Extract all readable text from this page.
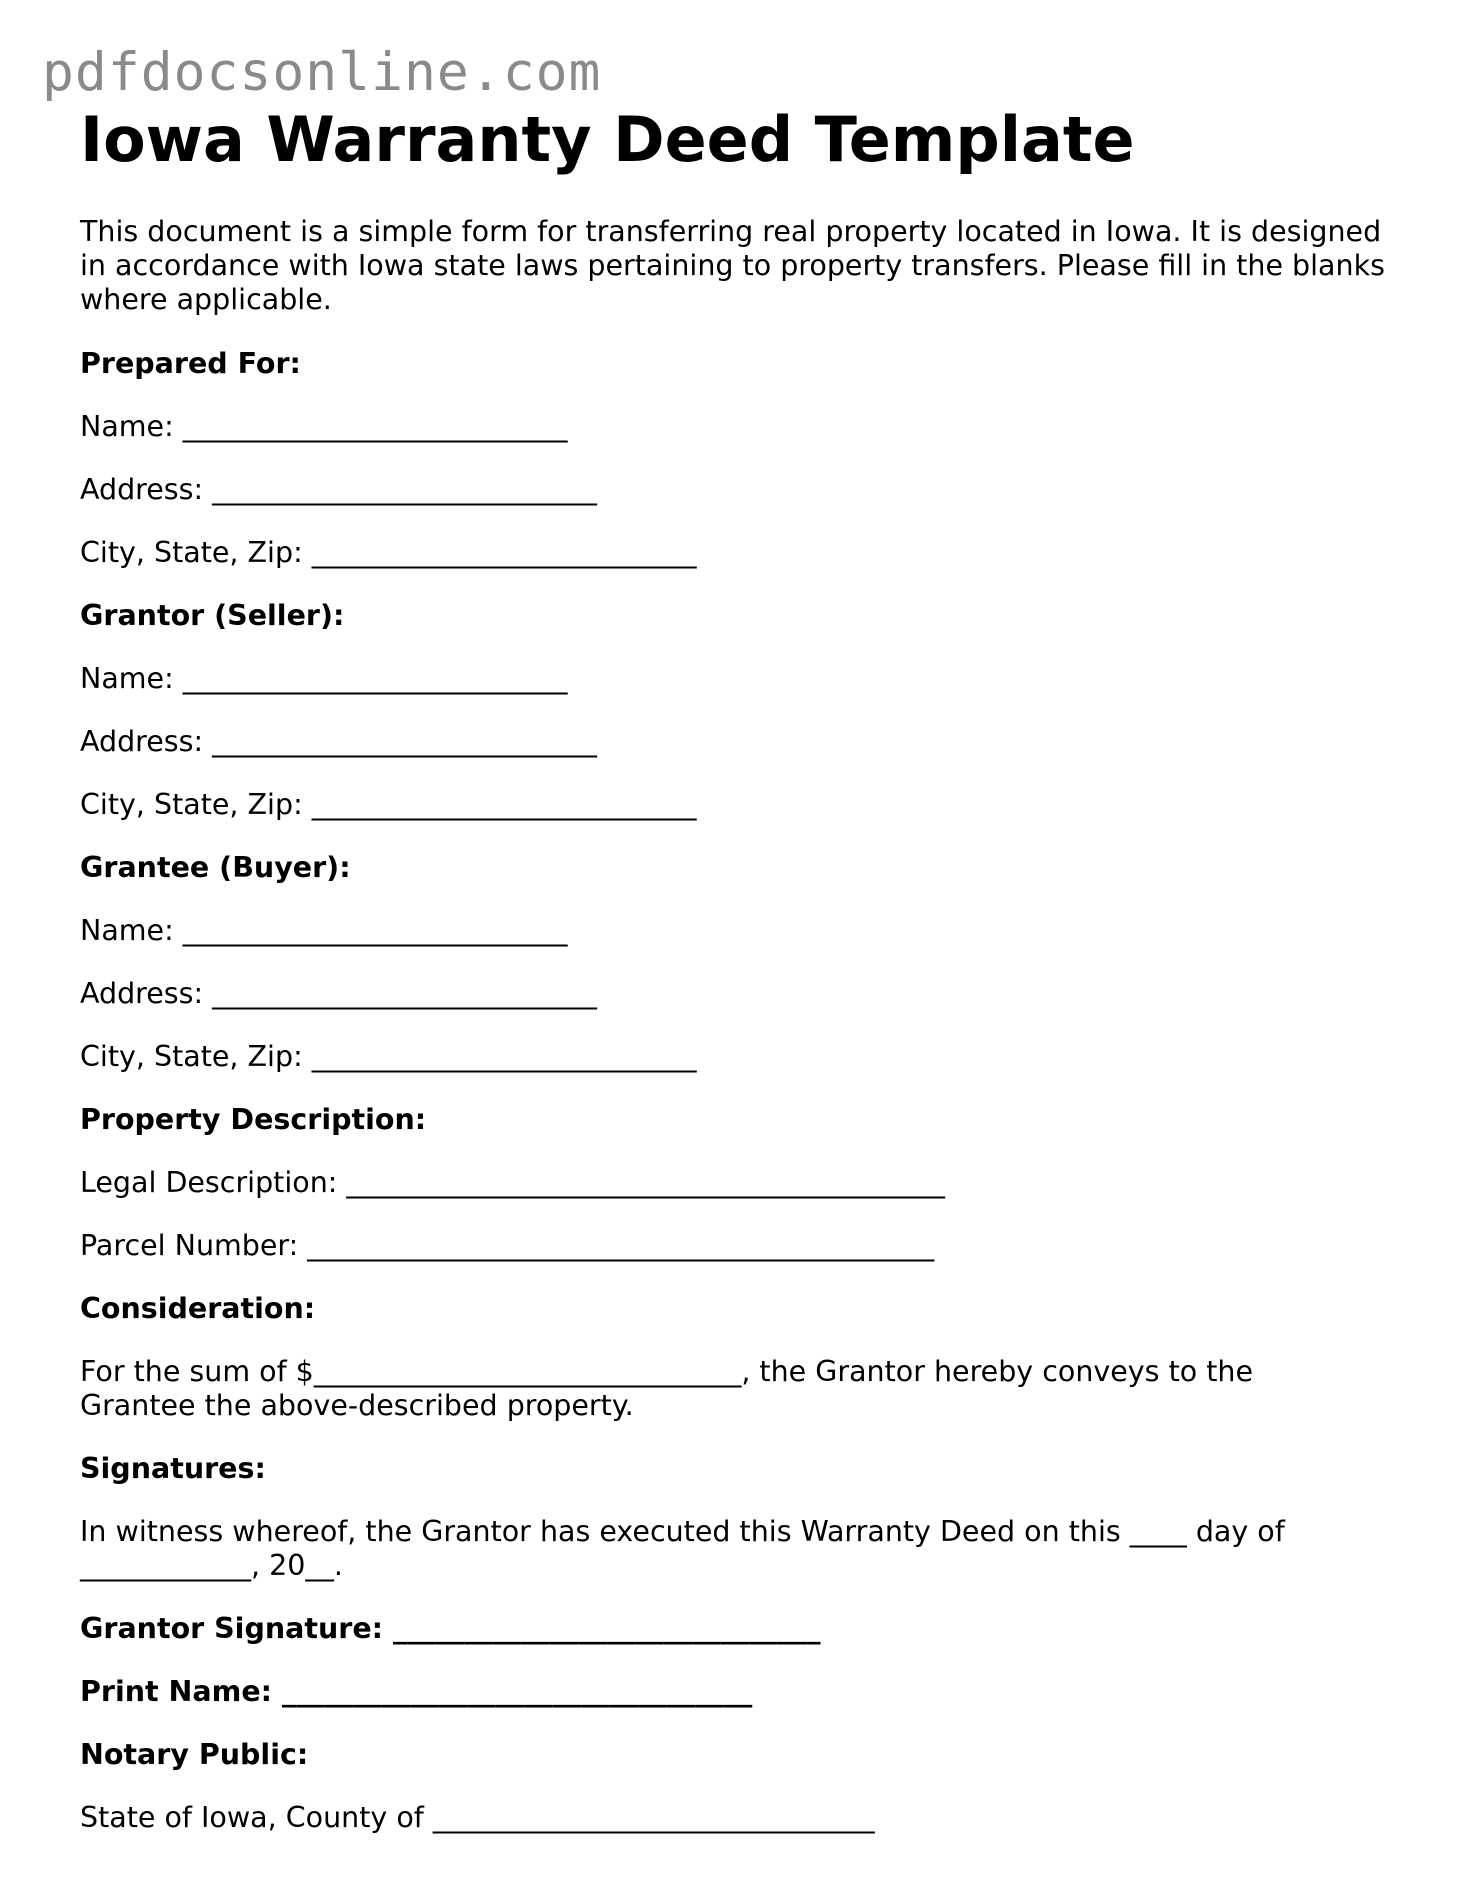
pdfdocsonline.com
Iowa Warranty Deed Template

This document is a simple form for transferring real property located in Iowa. It is designed in accordance with Iowa state laws pertaining to property transfers. Please fill in the blanks where applicable.

Prepared For:
Name: ___________________________
Address: ___________________________
City, State, Zip: ___________________________
Grantor (Seller):
Name: ___________________________
Address: ___________________________
City, State, Zip: ___________________________
Grantee (Buyer):
Name: ___________________________
Address: ___________________________
City, State, Zip: ___________________________
Property Description:
Legal Description: __________________________________________
Parcel Number: ____________________________________________
Consideration:
For the sum of $______________________________, the Grantor hereby conveys to the Grantee the above-described property.
Signatures:
In witness whereof, the Grantor has executed this Warranty Deed on this ____ day of ____________, 20__.
Grantor Signature: ______________________________
Print Name: _________________________________
Notary Public:
State of Iowa, County of _______________________________
